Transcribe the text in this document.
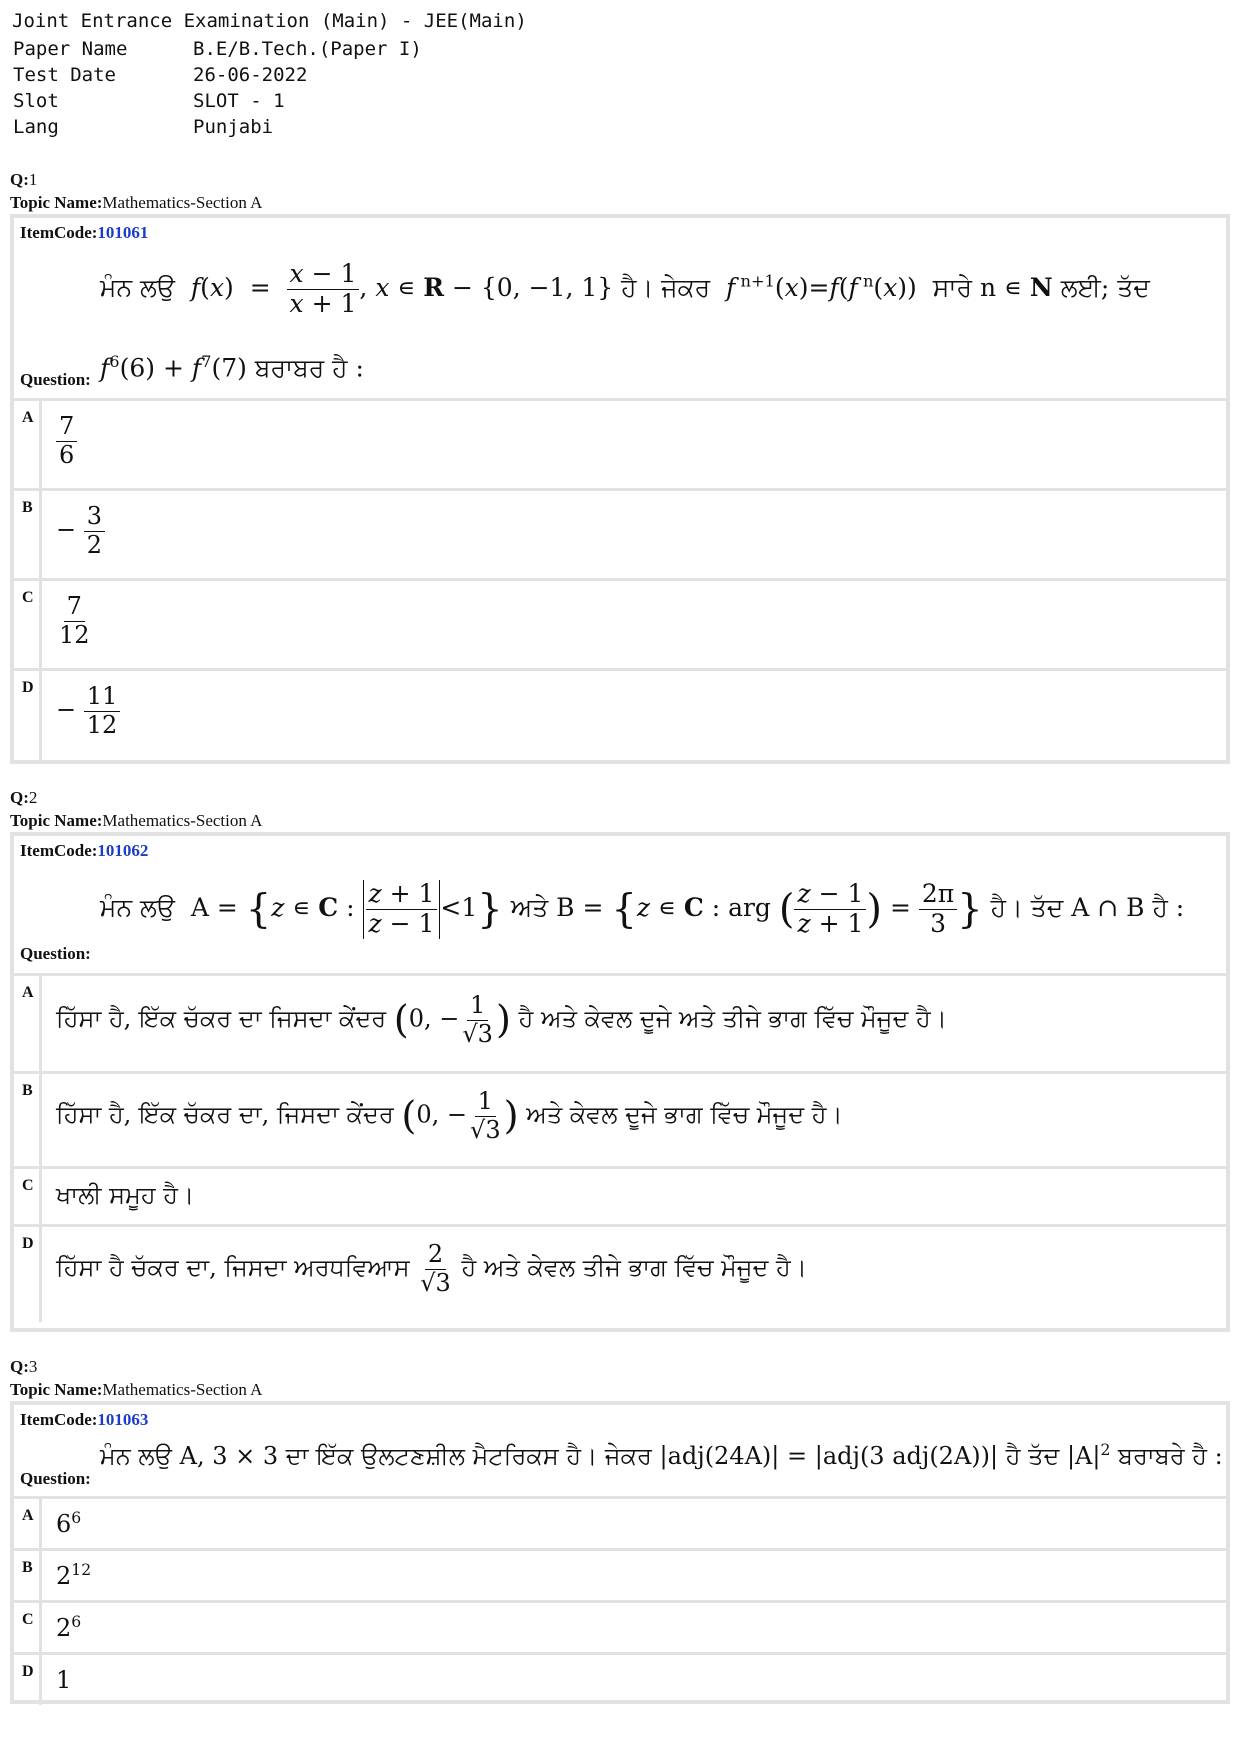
Joint Entrance Examination (Main) - JEE(Main)
Paper Name	B.E/B.Tech.(Paper I)
Test Date	26-06-2022
Slot	SLOT - 1
Lang	Punjabi
Q:1
Topic Name:Mathematics-Section A
ItemCode:101061
ਮੰਨ ਲਉ $f(x) = \frac{x - 1}{x + 1}$ , x ∊ R − {0, −1, 1} ਹੈ। ਜੇਕਰ f $^{n+1}$(x)=f(f $^n$(x))  ਸਾਰੇ n ∊ N ਲਈ; ਤੱਦ
Question: $f^6(6) + f^7(7)$ ਬਰਾਬਰ ਹੈ :
A $\frac{7}{6}$
B
− $\frac{3}{2}$
C $\frac{7}{12}$
D
− $\frac{11}{12}$
Q:2
Topic Name:Mathematics-Section A
ItemCode:101062
ਮੰਨ ਲਉ  A = {z ∊ C : $\frac{z + 1}{z - 1} <1$} ਅਤੇ B = {z ∊ C : arg ( $\frac{z - 1}{z + 1}$ ) = $\frac{2\pi}{3}$ } ਹੈ। ਤੱਦ A ∩ B ਹੈ :
Question:
A
ਹਿੱਸਾ ਹੈ, ਇੱਕ ਚੱਕਰ ਦਾ ਜਿਸਦਾ ਕੇਂਦਰ (0, − $\frac{1}{√3}$ ) ਹੈ ਅਤੇ ਕੇਵਲ ਦੂਜੇ ਅਤੇ ਤੀਜੇ ਭਾਗ ਵਿੱਚ ਮੌਜੂਦ ਹੈ।
B
ਹਿੱਸਾ ਹੈ, ਇੱਕ ਚੱਕਰ ਦਾ, ਜਿਸਦਾ ਕੇਂਦਰ (0, − $\frac{1}{√3}$ ) ਅਤੇ ਕੇਵਲ ਦੂਜੇ ਭਾਗ ਵਿੱਚ ਮੌਜੂਦ ਹੈ।
C ਖਾਲੀ ਸਮੂਹ ਹੈ।
D
ਹਿੱਸਾ ਹੈ ਚੱਕਰ ਦਾ, ਜਿਸਦਾ ਅਰਧਵਿਆਸ $\frac{2}{√3}$ ਹੈ ਅਤੇ ਕੇਵਲ ਤੀਜੇ ਭਾਗ ਵਿੱਚ ਮੌਜੂਦ ਹੈ।
Q:3
Topic Name:Mathematics-Section A
ItemCode:101063
ਮੰਨ ਲਉ A, 3 × 3 ਦਾ ਇੱਕ ਉਲਟਣਸ਼ੀਲ ਮੈਟਰਿਕਸ ਹੈ। ਜੇਕਰ |adj(24A)| = |adj(3 adj(2A))| ਹੈ ਤੱਦ $|A|^2$ ਬਰਾਬਰੇ ਹੈ :
Question:
A $6^6$
B $2^{12}$
C $2^6$
D 1
